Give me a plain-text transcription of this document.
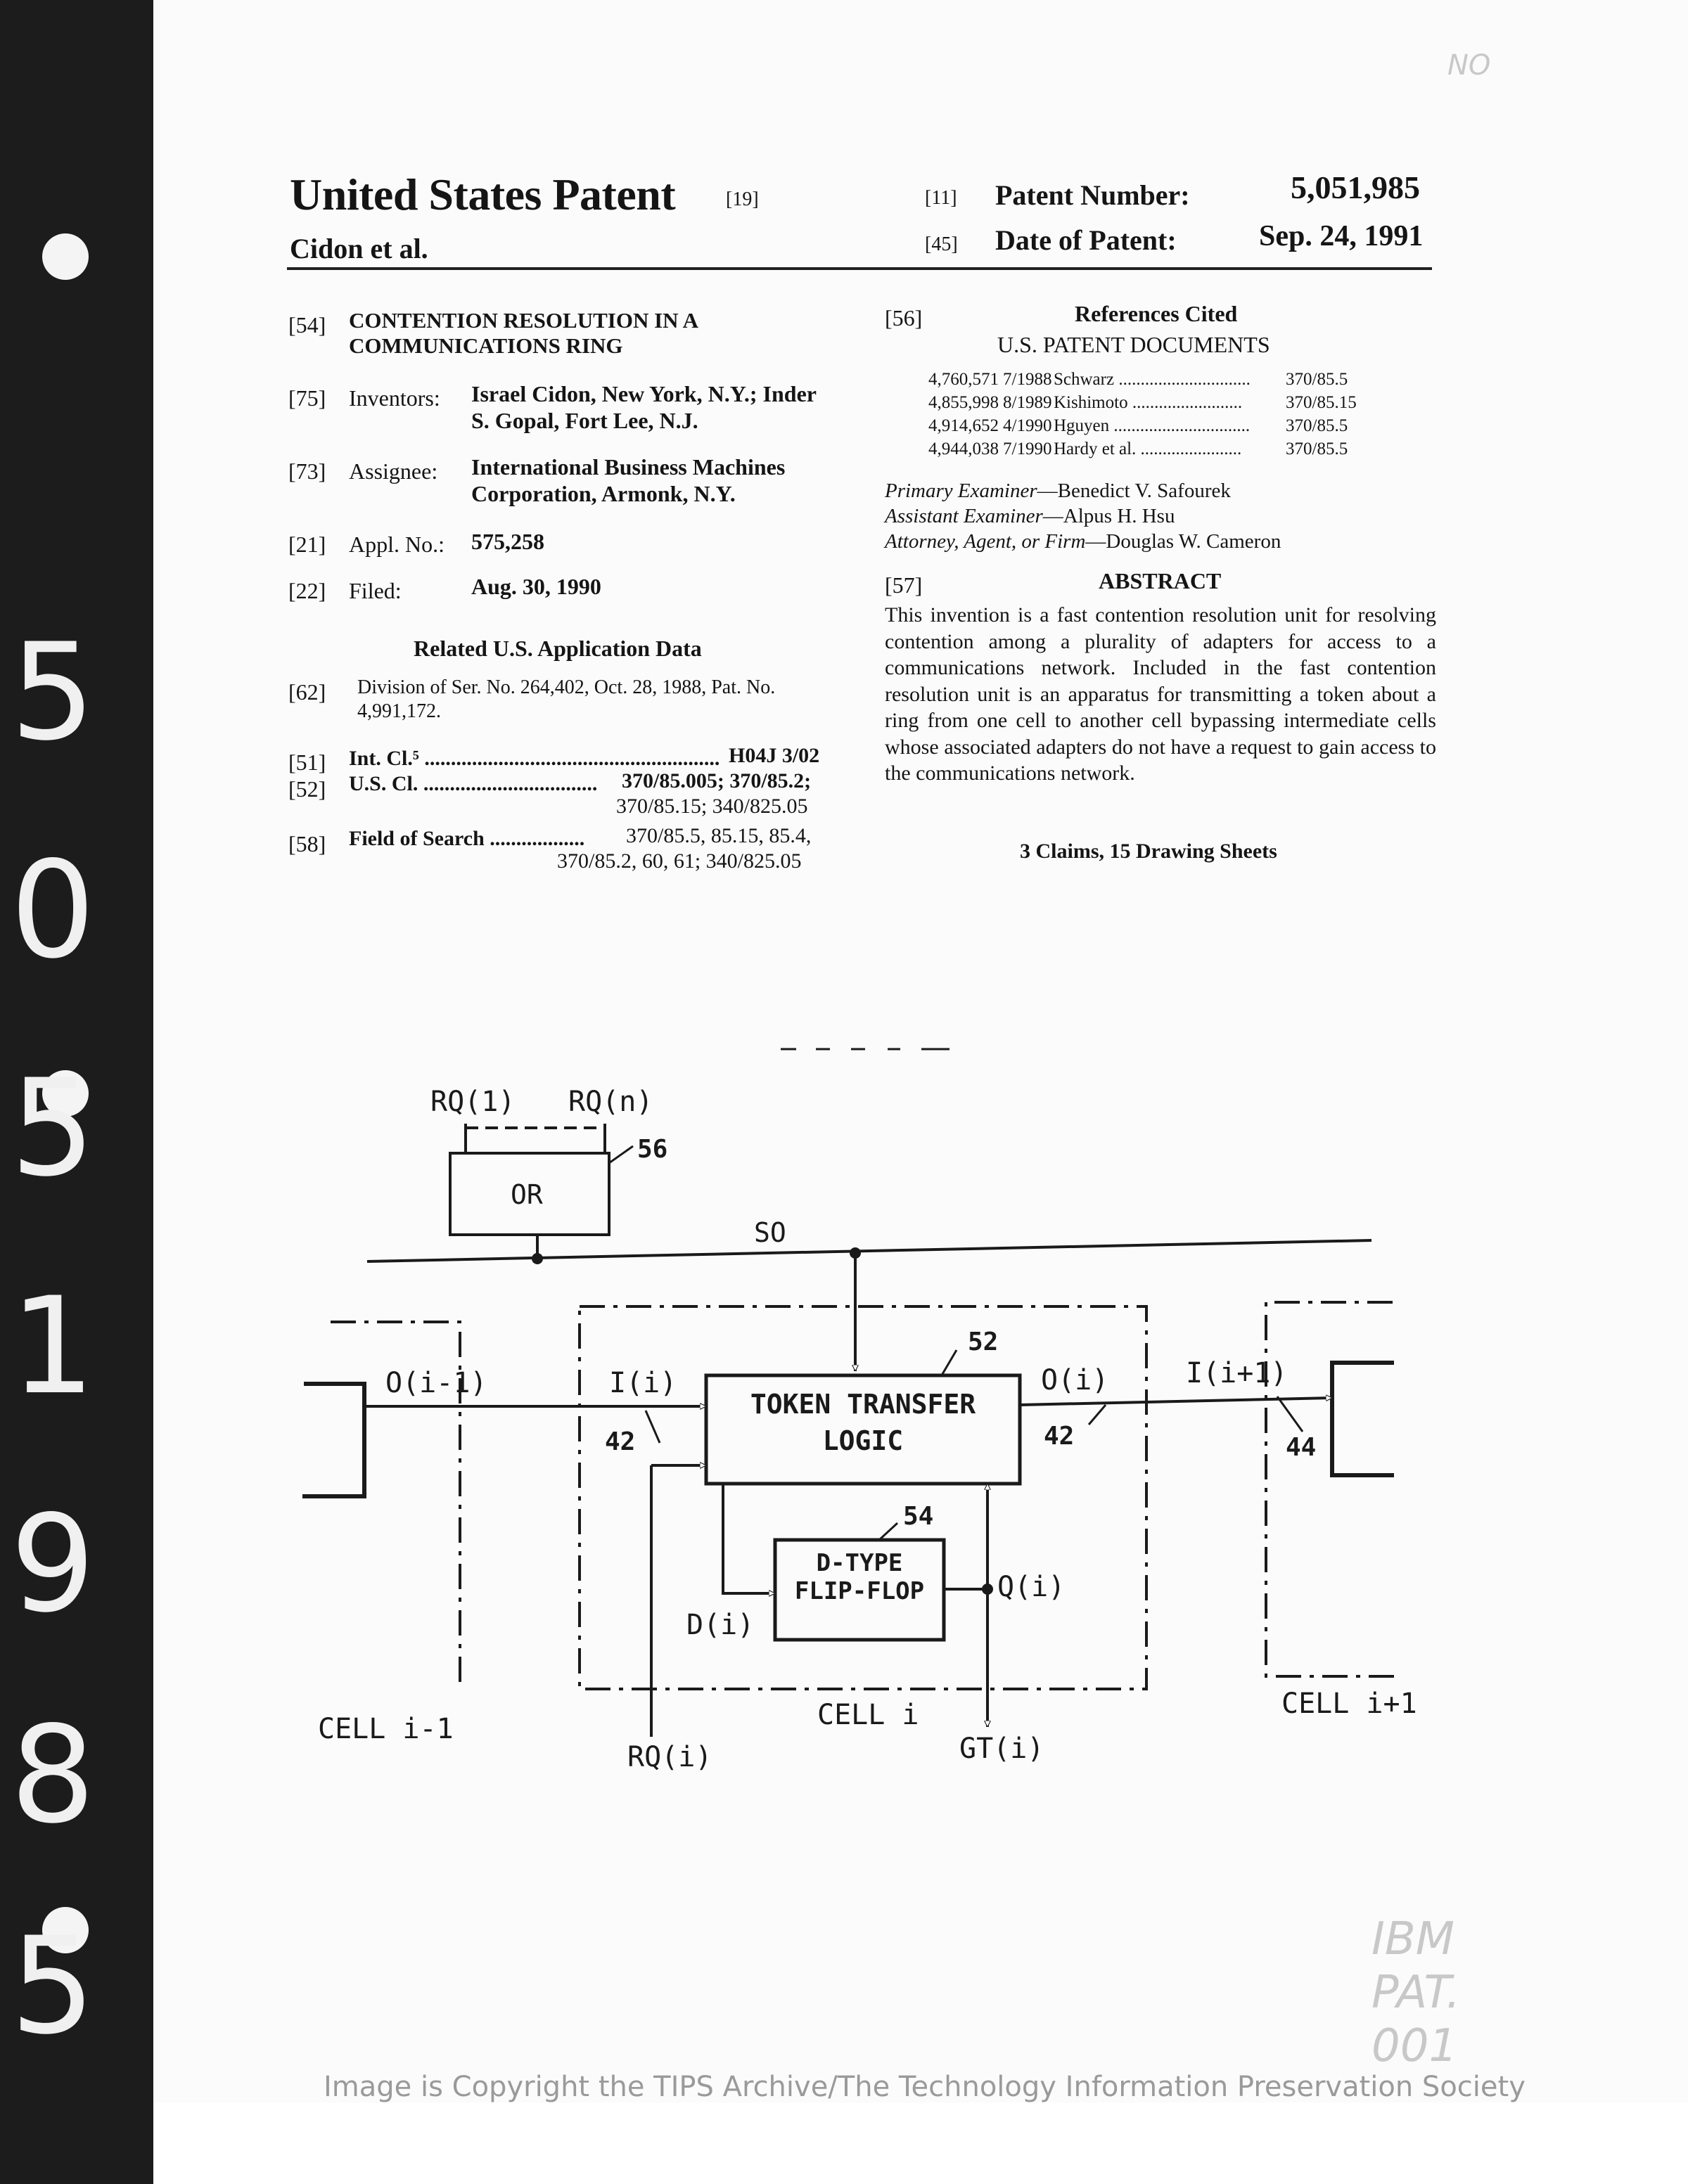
5
0
5
1
9
8
5
NO
United States Patent	[19]
Cidon et al.
[11] Patent Number:	5,051,985
[45] Date of Patent:	Sep. 24, 1991
[54] CONTENTION RESOLUTION IN A
COMMUNICATIONS RING
[75] Inventors: Israel Cidon, New York, N.Y.; Inder
S. Gopal, Fort Lee, N.J.
[73] Assignee: International Business Machines
Corporation, Armonk, N.Y.
[21] Appl. No.: 575,258
[22] Filed:	Aug. 30, 1990
Related U.S. Application Data
[62] Division of Ser. No. 264,402, Oct. 28, 1988, Pat. No.
4,991,172.
[51] Int. Cl.⁵ ........................................................ H04J 3/02
[52] U.S. Cl. ................................. 370/85.005; 370/85.2;
370/85.15; 340/825.05
[58] Field of Search .................. 370/85.5, 85.15, 85.4,
370/85.2, 60, 61; 340/825.05
[56]	References Cited
U.S. PATENT DOCUMENTS
4,760,571	7/1988	Schwarz ..............................	370/85.5
4,855,998	8/1989	Kishimoto .........................	370/85.15
4,914,652	4/1990	Hguyen ...............................	370/85.5
4,944,038	7/1990	Hardy et al. .......................	370/85.5
Primary Examiner—Benedict V. Safourek
Assistant Examiner—Alpus H. Hsu
Attorney, Agent, or Firm—Douglas W. Cameron
[57]	ABSTRACT
This invention is a fast contention resolution unit for resolving contention among a plurality of adapters for access to a communications network. Included in the fast contention resolution unit is an apparatus for transmitting a token about a ring from one cell to another cell bypassing intermediate cells whose associated adapters do not have a request to gain access to the communications network.
3 Claims, 15 Drawing Sheets
RQ(1) RQ(n)
OR
56
SO
O(i-1)	I(i)
52
TOKEN TRANSFER
LOGIC
O(i)	I(i+1)
42	42	44
54
D-TYPE
FLIP-FLOP	Q(i)
D(i)
CELL i-1	CELL i	CELL i+1
RQ(i)	GT(i)
IBM
PAT.
001
Image is Copyright the TIPS Archive/The Technology Information Preservation Society
